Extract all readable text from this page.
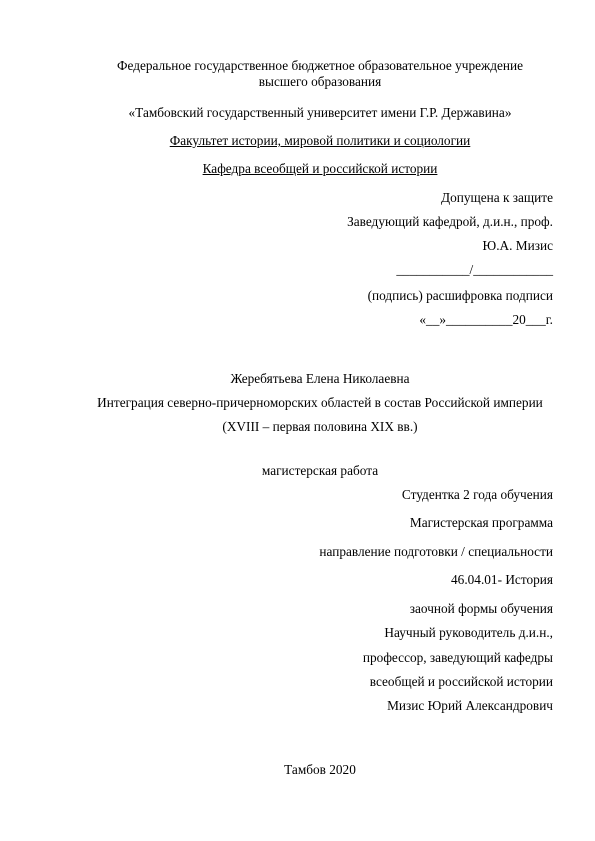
Федеральное государственное бюджетное образовательное учреждение
высшего образования
«Тамбовский государственный университет имени Г.Р. Державина»
Факультет истории, мировой политики и социологии
Кафедра всеобщей и российской истории
Допущена к защите
Заведующий кафедрой, д.и.н., проф.
Ю.А. Мизис
___________/____________
(подпись) расшифровка подписи
«__»__________20___г.
Жеребятьева Елена Николаевна
Интеграция северно-причерноморских областей в состав Российской империи
(XVIII – первая половина XIX вв.)
магистерская работа
Студентка 2 года обучения
Магистерская программа
направление подготовки / специальности
46.04.01- История
заочной формы обучения
Научный руководитель д.и.н.,
профессор, заведующий кафедры
всеобщей и российской истории
Мизис Юрий Александрович
Тамбов 2020
